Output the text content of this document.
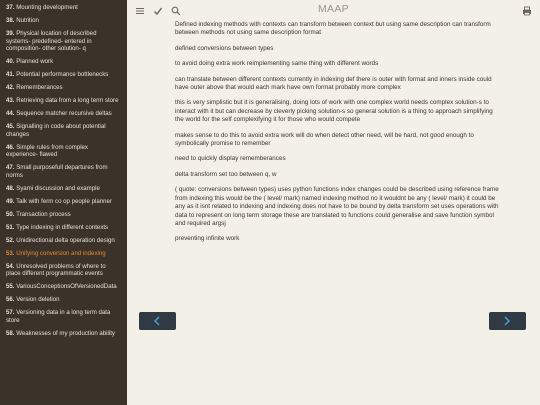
37. Mounting development
38. Nutrition
39. Physical location of described systems- predefined- entered in composition- other solution- q
40. Planned work
41. Potential performance bottlenecks
42. Rememberances
43. Retrieving data from a long term store
44. Sequence matcher recursive deltas
45. Signalling in code about potential changes
46. Simple rules from complex experience- flawed
47. Small purposefull departures from norms
48. Syami discussion and example
49. Talk with ferm co op people planner
50. Transaction process
51. Type indexing in different contexts
52. Unidirectional delta operation design
53. Unifying conversion and indexing
54. Unresolved problems of where to place different programmatic events
55. VariousConceptionsOfVersionedData
56. Version deletion
57. Versioning data in a long term data store
58. Weaknesses of my production ability
MAAP

Defined indexing methods with contexts can transform between context but using same description can transform between methods not using same description format

defined conversions between types

to avoid doing extra work reimplementing same thing with different words

can translate between different contexts currently in indexing def there is outer with format and inners inside could have outer above that would each mark have own format probably more complex

this is very simplistic but it is generalising, doing lots of work with one complex world needs complex solution-s to interact with it but can decrease by cleverly picking solution-s so general solution is a thing to approach simplifying the world for the self complexifying it for those who would compete

makes sense to do this to avoid extra work will do when detect other need, will be hard, not good enough to symbolically promise to remember

need to quickly display rememberances

delta transform set too between q, w

( quote: conversions between types) uses python functions index changes could be described using reference frame from indexing this would be the ( level/ mark) named indexing method no it wouldnt be any ( level/ mark) it could be any as it isnt related to indexing and indexing does not have to be bound by delta transform set uses operations with data to represent on long term storage these are translated to functions could generalise and save function symbol and required argsj

preventing infinite work
